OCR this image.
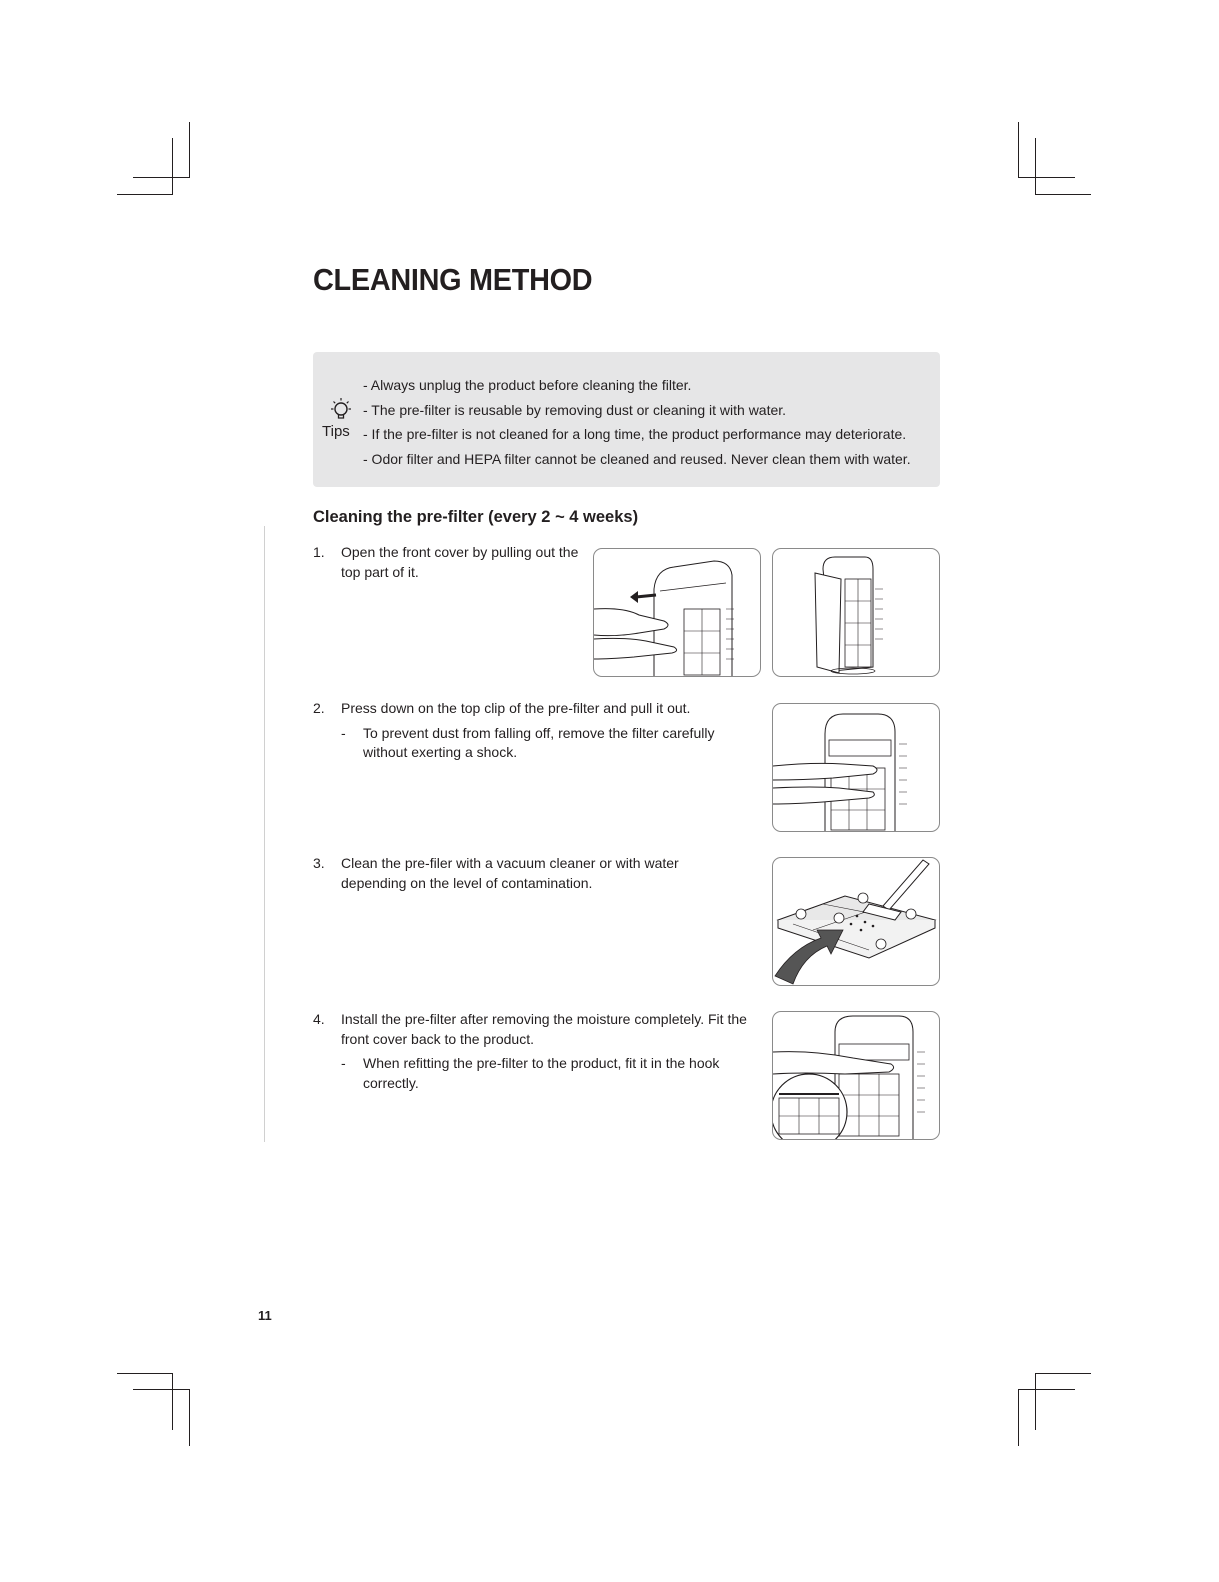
CLEANING METHOD
Tips
- Always unplug the product before cleaning the filter.
- The pre-filter is reusable by removing dust or cleaning it with water.
- If the pre-filter is not cleaned for a long time, the product performance may deteriorate.
- Odor filter and HEPA filter cannot be cleaned and reused. Never clean them with water.
Cleaning the pre-filter (every 2 ~ 4 weeks)
1. Open the front cover by pulling out the top part of it.
2. Press down on the top clip of the pre-filter and pull it out.
- To prevent dust from falling off, remove the filter carefully without exerting a shock.
3. Clean the pre-filer with a vacuum cleaner or with water depending on the level of contamination.
4. Install the pre-filter after removing the moisture completely. Fit the front cover back to the product.
- When refitting the pre-filter to the product, fit it in the hook correctly.
11
